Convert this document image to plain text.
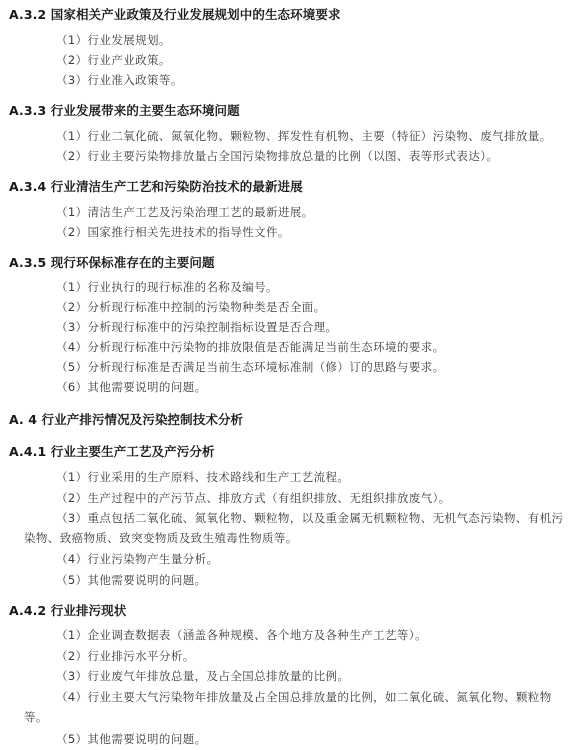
A.3.2 国家相关产业政策及行业发展规划中的生态环境要求
（1）行业发展规划。
（2）行业产业政策。
（3）行业准入政策等。
A.3.3 行业发展带来的主要生态环境问题
（1）行业二氧化硫、氮氧化物、颗粒物、挥发性有机物、主要（特征）污染物、废气排放量。
（2）行业主要污染物排放量占全国污染物排放总量的比例（以图、表等形式表达）。
A.3.4 行业清洁生产工艺和污染防治技术的最新进展
（1）清洁生产工艺及污染治理工艺的最新进展。
（2）国家推行相关先进技术的指导性文件。
A.3.5 现行环保标准存在的主要问题
（1）行业执行的现行标准的名称及编号。
（2）分析现行标准中控制的污染物种类是否全面。
（3）分析现行标准中的污染控制指标设置是否合理。
（4）分析现行标准中污染物的排放限值是否能满足当前生态环境的要求。
（5）分析现行标准是否满足当前生态环境标准制（修）订的思路与要求。
（6）其他需要说明的问题。
A. 4 行业产排污情况及污染控制技术分析
A.4.1 行业主要生产工艺及产污分析
（1）行业采用的生产原料、技术路线和生产工艺流程。
（2）生产过程中的产污节点、排放方式（有组织排放、无组织排放废气）。
（3）重点包括二氧化硫、氮氧化物、颗粒物，以及重金属无机颗粒物、无机气态污染物、有机污
染物、致癌物质、致突变物质及致生殖毒性物质等。
（4）行业污染物产生量分析。
（5）其他需要说明的问题。
A.4.2 行业排污现状
（1）企业调查数据表（涵盖各种规模、各个地方及各种生产工艺等）。
（2）行业排污水平分析。
（3）行业废气年排放总量，及占全国总排放量的比例。
（4）行业主要大气污染物年排放量及占全国总排放量的比例，如二氧化硫、氮氧化物、颗粒物
等。
（5）其他需要说明的问题。
